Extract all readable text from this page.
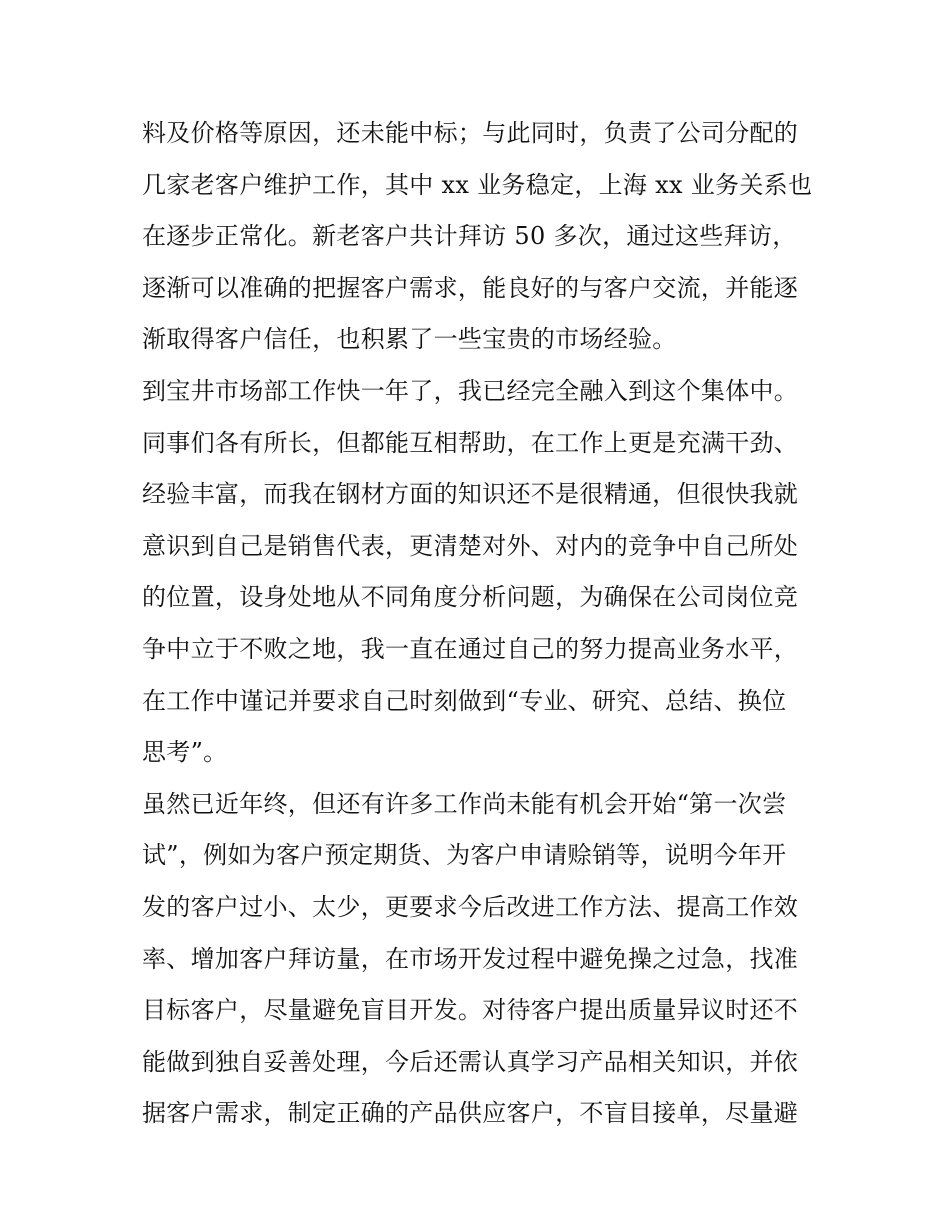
料及价格等原因，还未能中标；与此同时，负责了公司分配的
几家老客户维护工作，其中 xx 业务稳定，上海 xx 业务关系也
在逐步正常化。新老客户共计拜访 50 多次，通过这些拜访，
逐渐可以准确的把握客户需求，能良好的与客户交流，并能逐
渐取得客户信任，也积累了一些宝贵的市场经验。
到宝井市场部工作快一年了，我已经完全融入到这个集体中。
同事们各有所长，但都能互相帮助，在工作上更是充满干劲、
经验丰富，而我在钢材方面的知识还不是很精通，但很快我就
意识到自己是销售代表，更清楚对外、对内的竞争中自己所处
的位置，设身处地从不同角度分析问题，为确保在公司岗位竞
争中立于不败之地，我一直在通过自己的努力提高业务水平，
在工作中谨记并要求自己时刻做到“专业、研究、总结、换位
思考”。
虽然已近年终，但还有许多工作尚未能有机会开始“第一次尝
试”，例如为客户预定期货、为客户申请赊销等，说明今年开
发的客户过小、太少，更要求今后改进工作方法、提高工作效
率、增加客户拜访量，在市场开发过程中避免操之过急，找准
目标客户，尽量避免盲目开发。对待客户提出质量异议时还不
能做到独自妥善处理，今后还需认真学习产品相关知识，并依
据客户需求，制定正确的产品供应客户，不盲目接单，尽量避
